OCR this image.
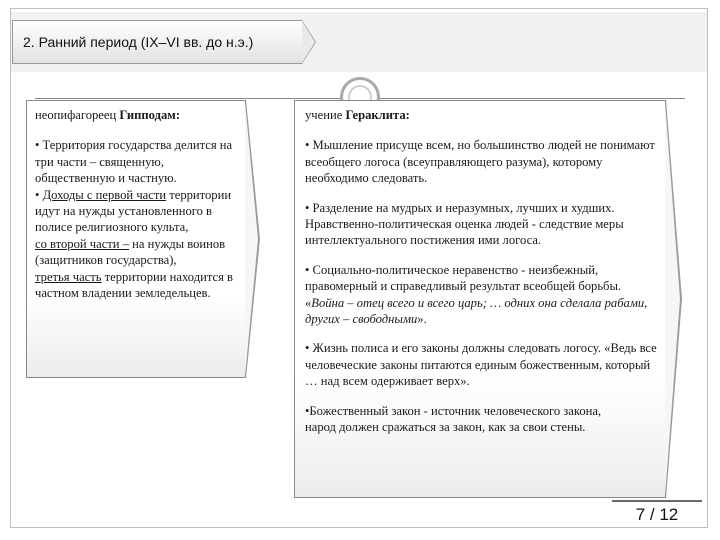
2. Ранний период (IX–VI вв. до н.э.)
неопифагореец Гипподам:

• Территория государства делится на три части – священную, общественную и частную.

• Доходы с первой части территории идут на нужды установленного в полисе религиозного культа,

со второй части – на нужды воинов (защитников государства),

третья часть территории находится в частном владении земледельцев.

учение Гераклита:

• Мышление присуще всем, но большинство людей не понимают всеобщего логоса (всеуправляющего разума), которому необходимо следовать.

• Разделение на мудрых и неразумных, лучших и худших. Нравственно-политическая оценка людей - следствие меры интеллектуального постижения ими логоса.

• Социально-политическое неравенство - неизбежный, правомерный и справедливый результат всеобщей борьбы. «Война – отец всего и всего царь; … одних она сделала рабами, других – свободными».

• Жизнь полиса и его законы должны следовать логосу. «Ведь все человеческие законы питаются единым божественным, который … над всем одерживает верх».

•Божественный закон - источник человеческого закона,
народ должен сражаться за закон, как за свои стены.

7 / 12
